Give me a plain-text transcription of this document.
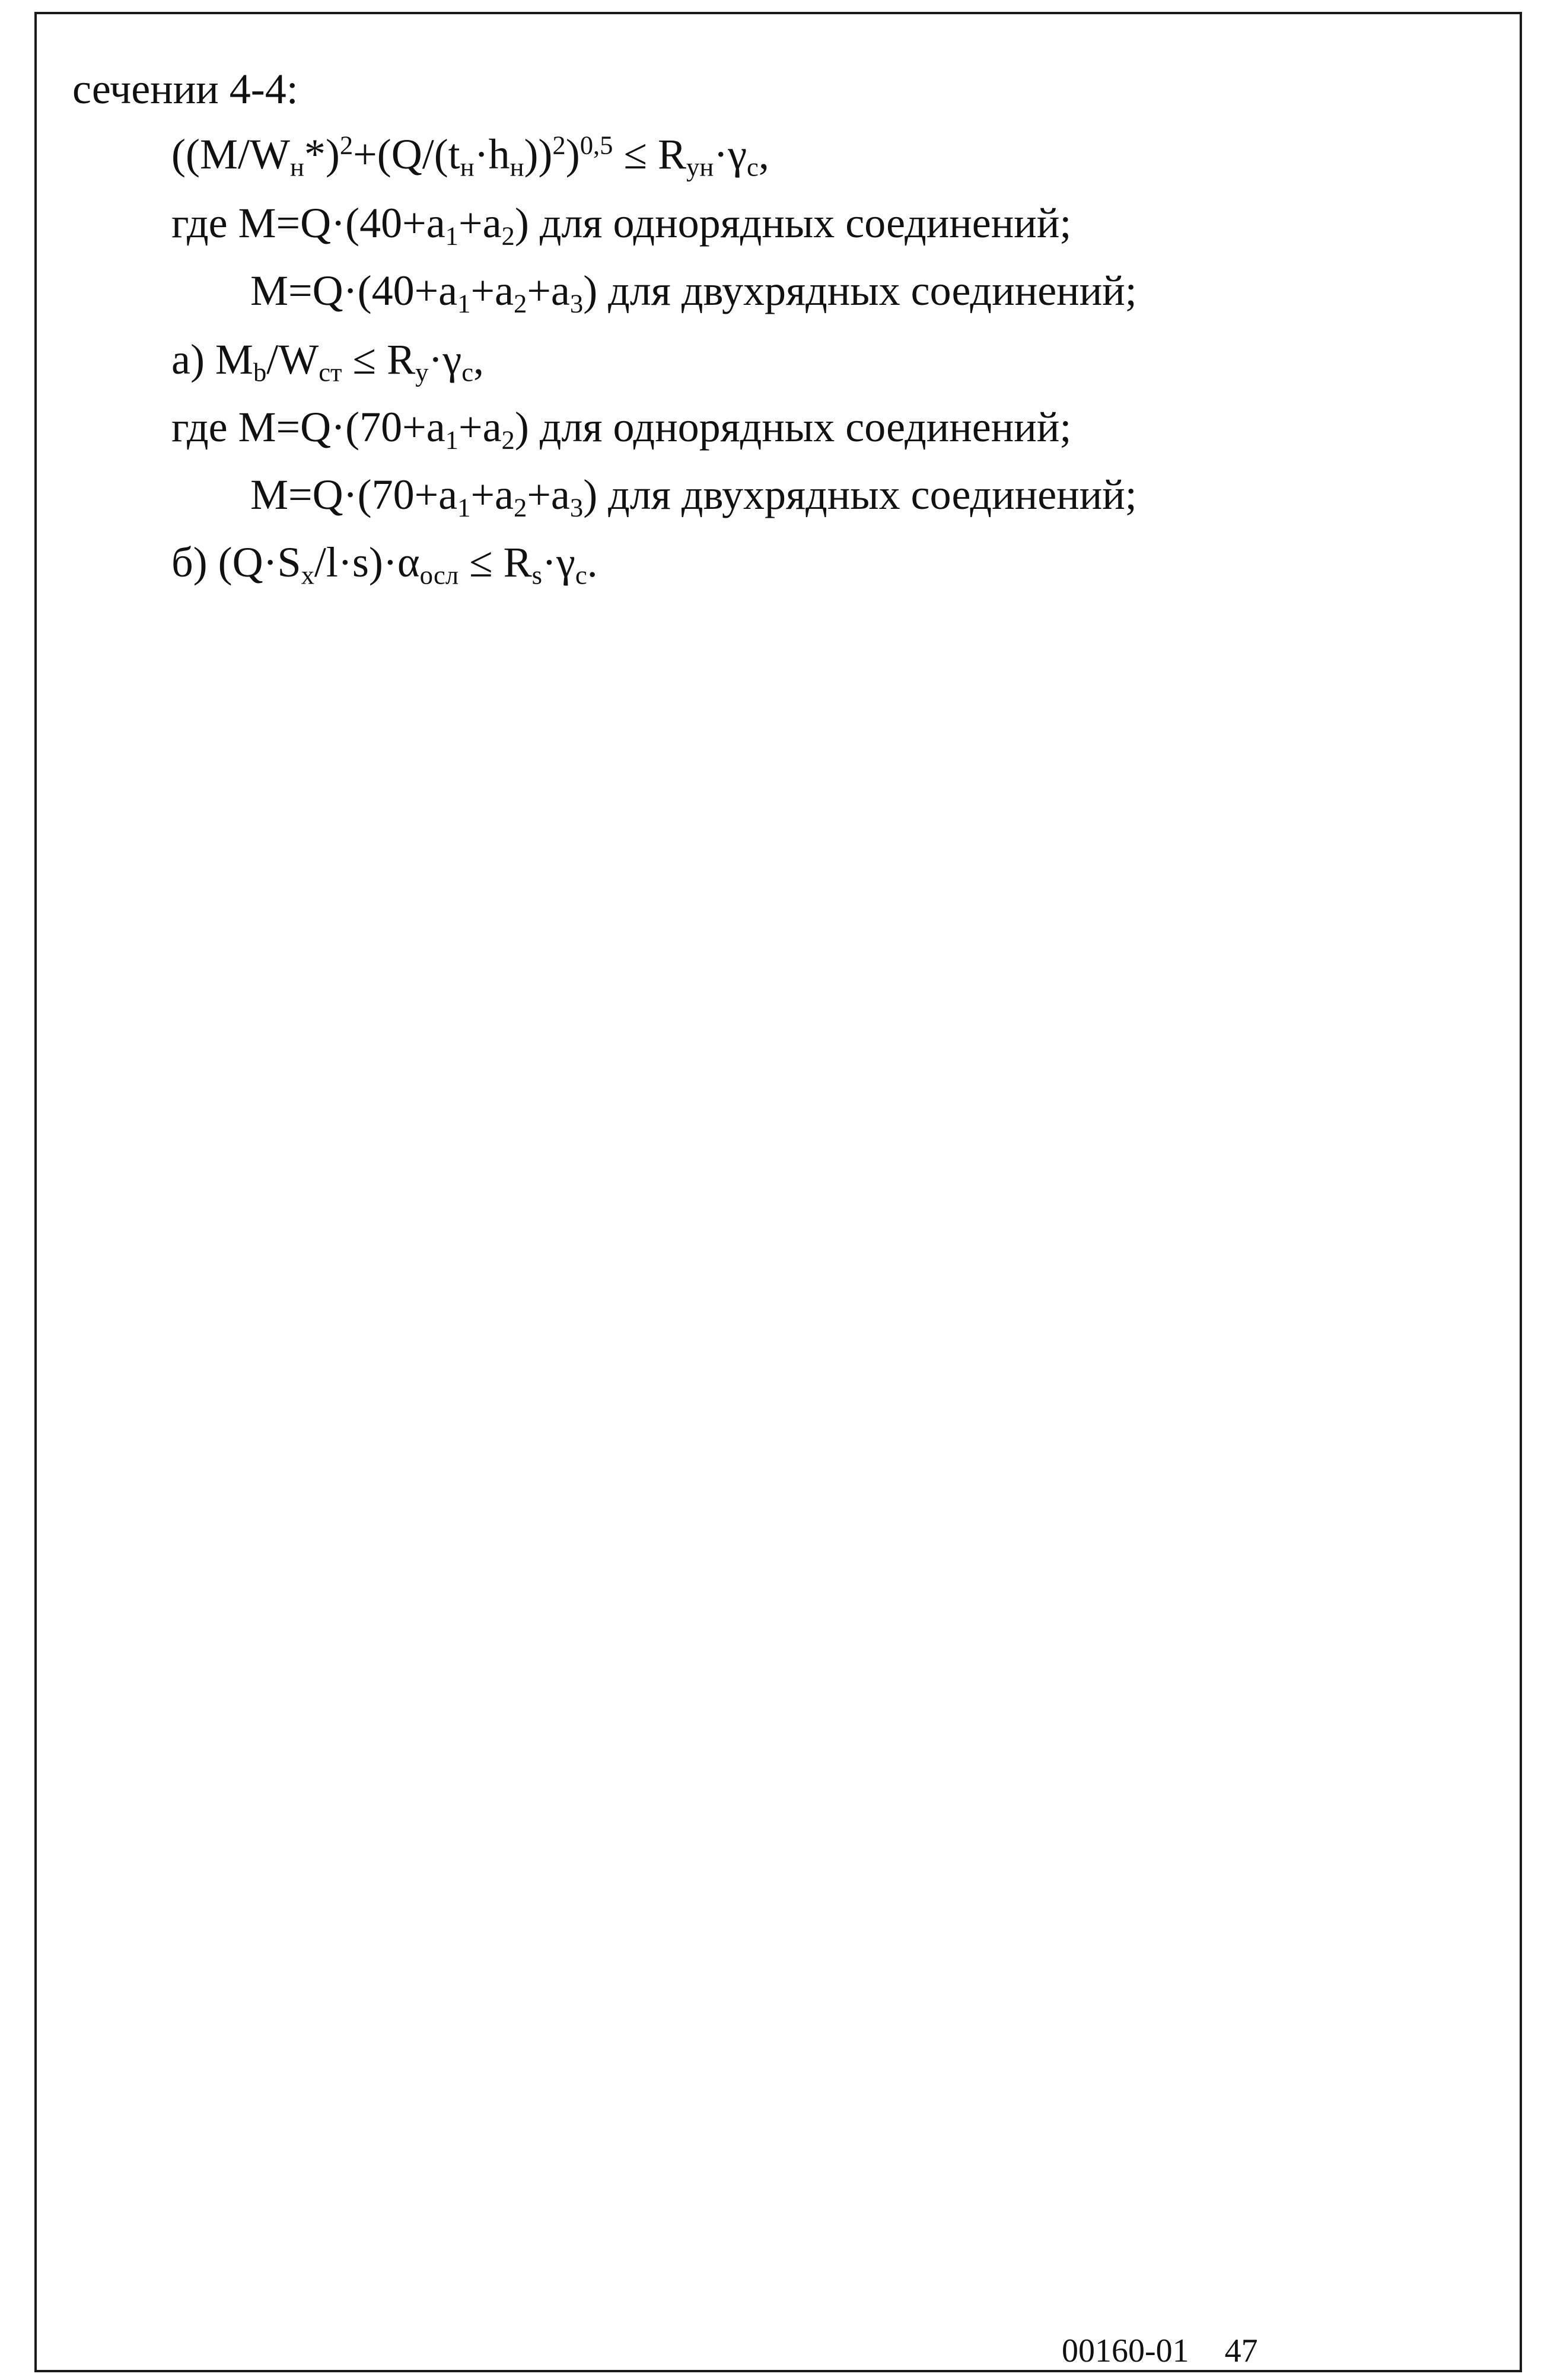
сечении 4-4:
$((M/W_н*)^2+(Q/(t_н\cdot h_н))^2)^{0,5} \le R_{ун}\cdot\gamma_c$,
где $M=Q\cdot(40+a_1+a_2)$ для однорядных соединений;
$M=Q\cdot(40+a_1+a_2+a_3)$ для двухрядных соединений;
а) $M_b/W_{ст} \le R_y\cdot\gamma_c$,
где $M=Q\cdot(70+a_1+a_2)$ для однорядных соединений;
$M=Q\cdot(70+a_1+a_2+a_3)$ для двухрядных соединений;
б) $(Q\cdot S_x/l\cdot s)\cdot\alpha_{осл} \le R_s\cdot\gamma_c$.
00160-01 47
